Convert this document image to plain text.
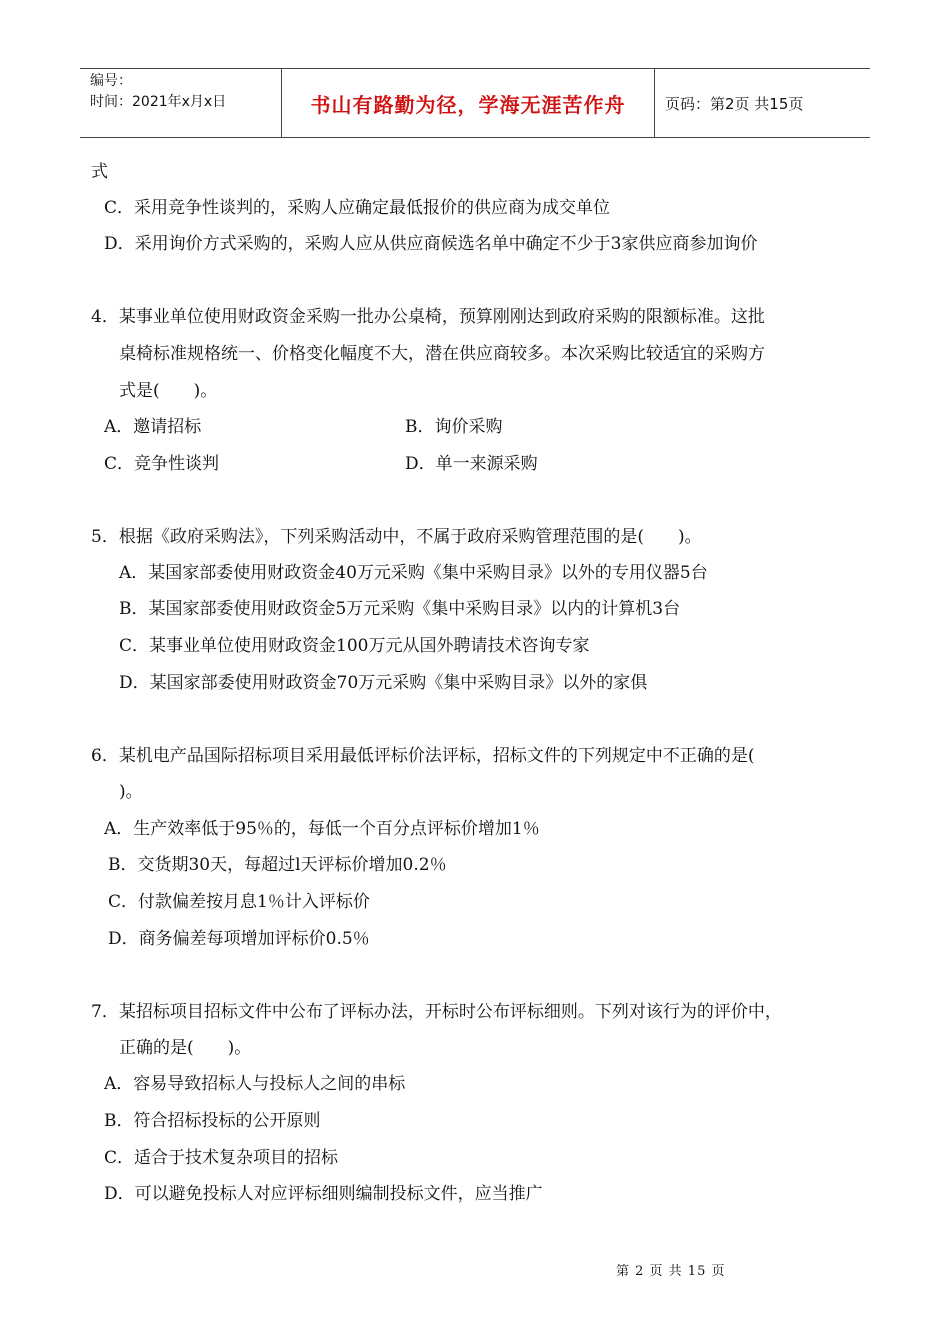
编号：
时间：2021年x月x日	书山有路勤为径，学海无涯苦作舟	页码：第2页 共15页
式
C．采用竞争性谈判的，采购人应确定最低报价的供应商为成交单位
D．采用询价方式采购的，采购人应从供应商候选名单中确定不少于3家供应商参加询价
4．某事业单位使用财政资金采购一批办公桌椅，预算刚刚达到政府采购的限额标准。这批
桌椅标准规格统一、价格变化幅度不大，潜在供应商较多。本次采购比较适宜的采购方
式是(　　)。
A．邀请招标	B．询价采购
C．竞争性谈判	D．单一来源采购
5．根据《政府采购法》，下列采购活动中，不属于政府采购管理范围的是(　　)。
A．某国家部委使用财政资金40万元采购《集中采购目录》以外的专用仪器5台
B．某国家部委使用财政资金5万元采购《集中采购目录》以内的计算机3台
C．某事业单位使用财政资金100万元从国外聘请技术咨询专家
D．某国家部委使用财政资金70万元采购《集中采购目录》以外的家俱
6．某机电产品国际招标项目采用最低评标价法评标，招标文件的下列规定中不正确的是(
)。
A．生产效率低于95％的，每低一个百分点评标价增加1％
B．交货期30天，每超过l天评标价增加0.2％
C．付款偏差按月息1％计入评标价
D．商务偏差每项增加评标价0.5％
7．某招标项目招标文件中公布了评标办法，开标时公布评标细则。下列对该行为的评价中，
正确的是(　　)。
A．容易导致招标人与投标人之间的串标
B．符合招标投标的公开原则
C．适合于技术复杂项目的招标
D．可以避免投标人对应评标细则编制投标文件，应当推广
第 2 页 共 15 页
